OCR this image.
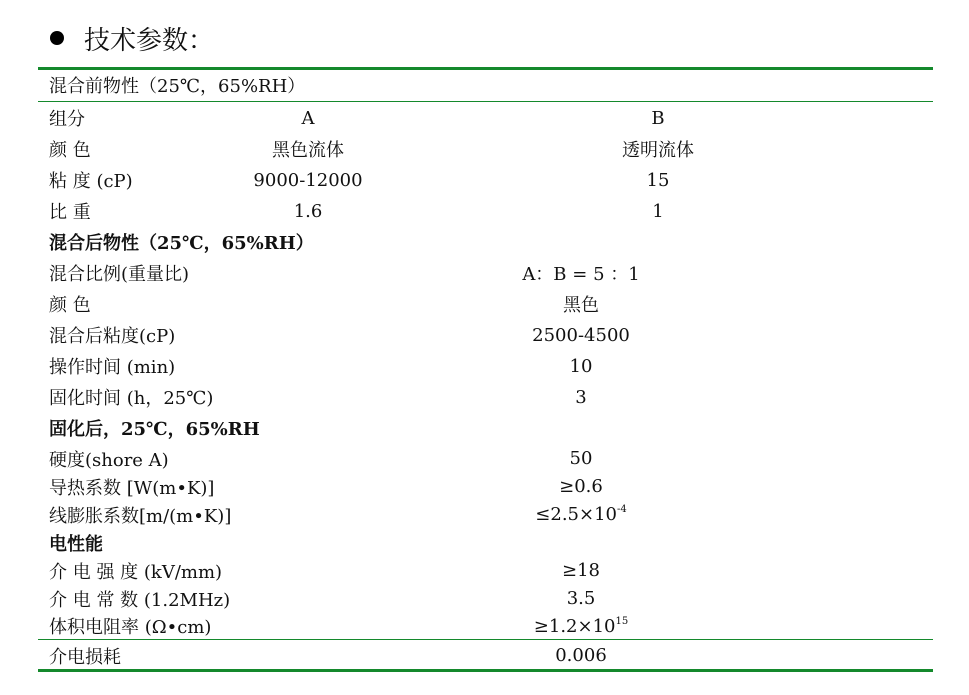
技术参数：
混合前物性（25℃，65%RH）
组分	A	B
颜 色	黑色流体	透明流体
粘 度 (cP)	9000-12000	15
比 重	1.6	1
混合后物性（25℃，65%RH）
混合比例(重量比)	A：B = 5 ：1
颜 色	黑色
混合后粘度(cP)	2500-4500
操作时间 (min)	10
固化时间 (h，25℃)	3
固化后，25℃，65%RH
硬度(shore A)	50
导热系数 [W(m•K)]	≥0.6
线膨胀系数[m/(m•K)]	≤2.5×10 -4
电性能
介 电 强 度 (kV/mm)	≥18
介 电 常 数 (1.2MHz)	3.5
体积电阻率 (Ω•cm)	≥1.2×10 15
介电损耗	0.006
